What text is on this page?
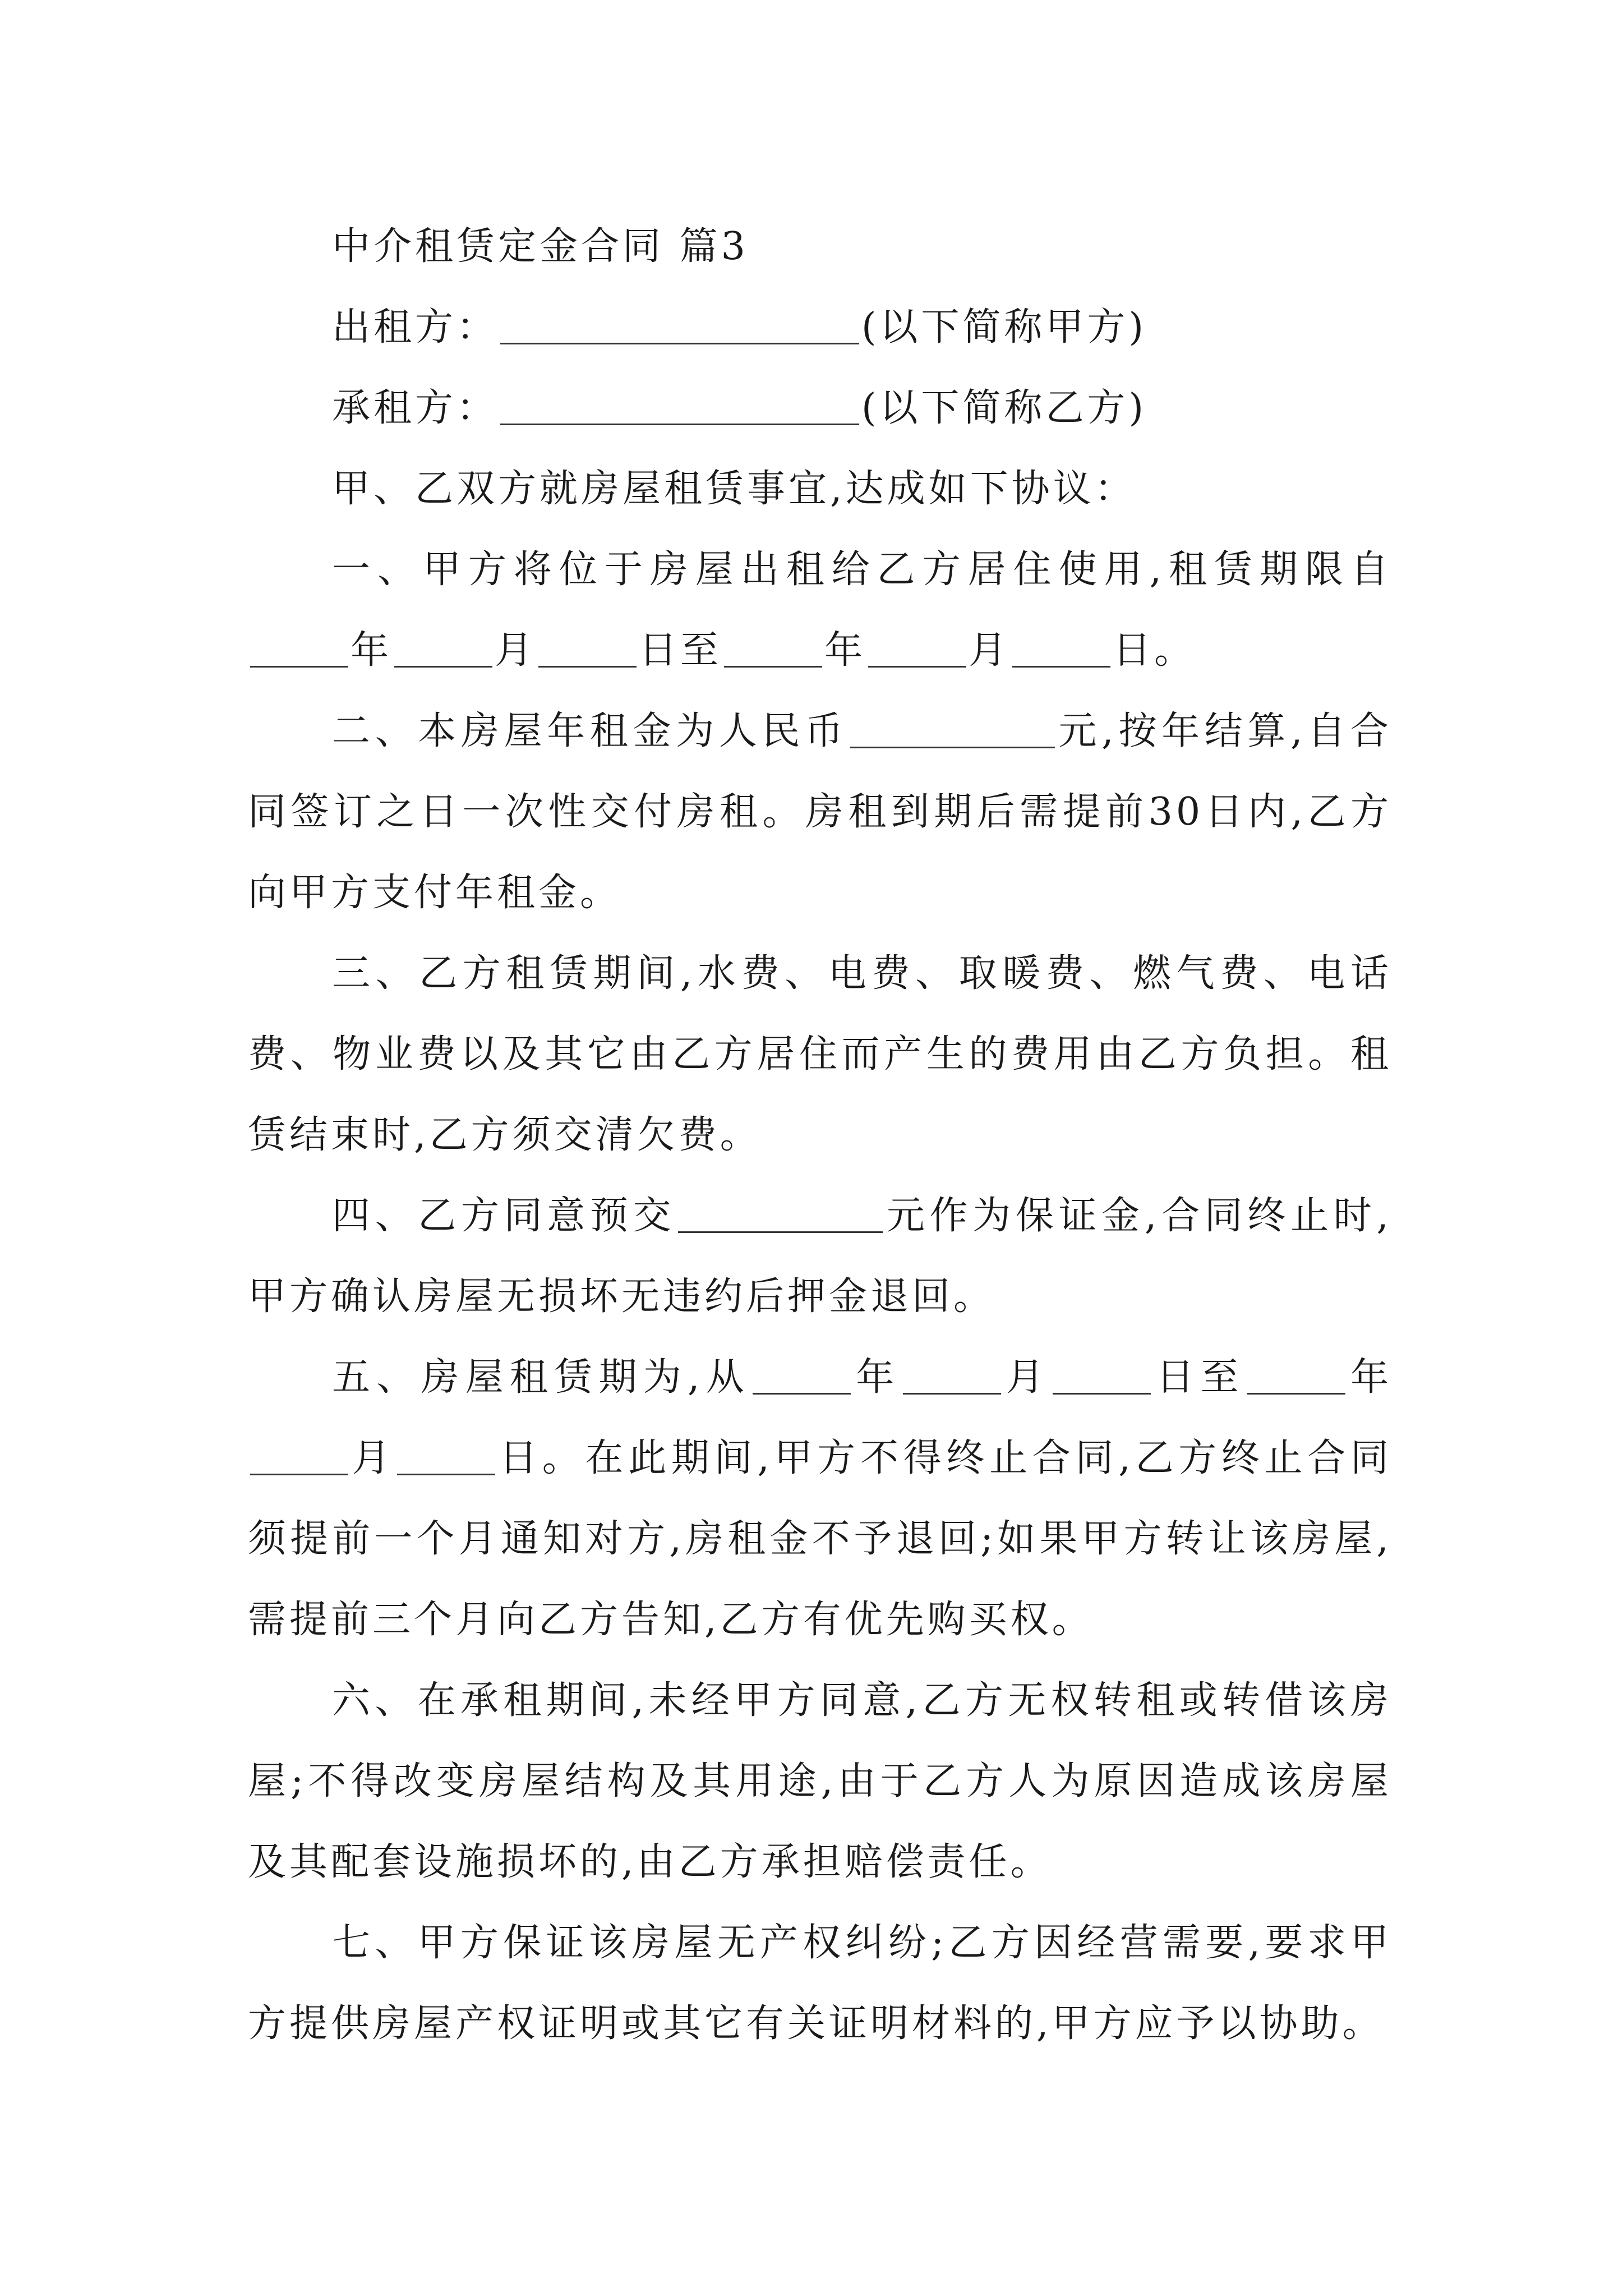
中介租赁定金合同 篇3

出租方：	(以下简称甲方)

承租方：	(以下简称乙方)

甲、乙双方就房屋租赁事宜,达成如下协议：

一、甲方将位于房屋出租给乙方居住使用,租赁期限自年	月	日至	年	月	日。

二、本房屋年租金为人民币	元,按年结算,自合同签订之日一次性交付房租。房租到期后需提前30日内,乙方向甲方支付年租金。

三、乙方租赁期间,水费、电费、取暖费、燃气费、电话费、物业费以及其它由乙方居住而产生的费用由乙方负担。租赁结束时,乙方须交清欠费。

四、乙方同意预交	元作为保证金,合同终止时,甲方确认房屋无损坏无违约后押金退回。

五、房屋租赁期为,从	年	月	日至	年月	日。在此期间,甲方不得终止合同,乙方终止合同须提前一个月通知对方,房租金不予退回;如果甲方转让该房屋,需提前三个月向乙方告知,乙方有优先购买权。

六、在承租期间,未经甲方同意,乙方无权转租或转借该房屋;不得改变房屋结构及其用途,由于乙方人为原因造成该房屋及其配套设施损坏的,由乙方承担赔偿责任。

七、甲方保证该房屋无产权纠纷;乙方因经营需要,要求甲方提供房屋产权证明或其它有关证明材料的,甲方应予以协助。
